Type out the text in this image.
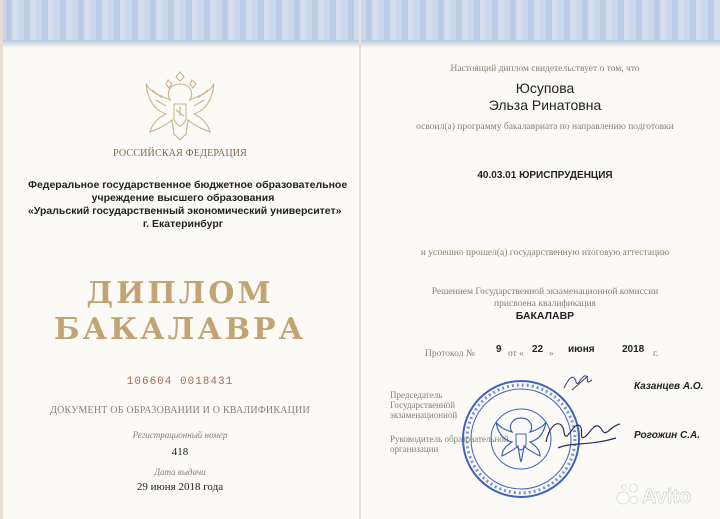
РОССИЙСКАЯ ФЕДЕРАЦИЯ
Федеральное государственное бюджетное образовательное
учреждение высшего образования
«Уральский государственный экономический университет»
г. Екатеринбург
ДИПЛОМ
БАКАЛАВРА
106604 0018431
ДОКУМЕНТ ОБ ОБРАЗОВАНИИ И О КВАЛИФИКАЦИИ
Регистрационный номер
418
Дата выдачи
29 июня 2018 года
Настоящий диплом свидетельствует о том, что
Юсупова
Эльза Ринатовна
освоил(а) программу бакалавриата по направлению подготовки
40.03.01 ЮРИСПРУДЕНЦИЯ
и успешно прошел(а) государственную итоговую аттестацию
Решением Государственной экзаменационной комиссии
присвоена квалификация
БАКАЛАВР
Протокол № 9 от « 22 » июня	2018 г.
Председатель
Государственной
экзаменационной
Казанцев А.О.
Руководитель образовательной
организации
Рогожин С.А.
Avito
